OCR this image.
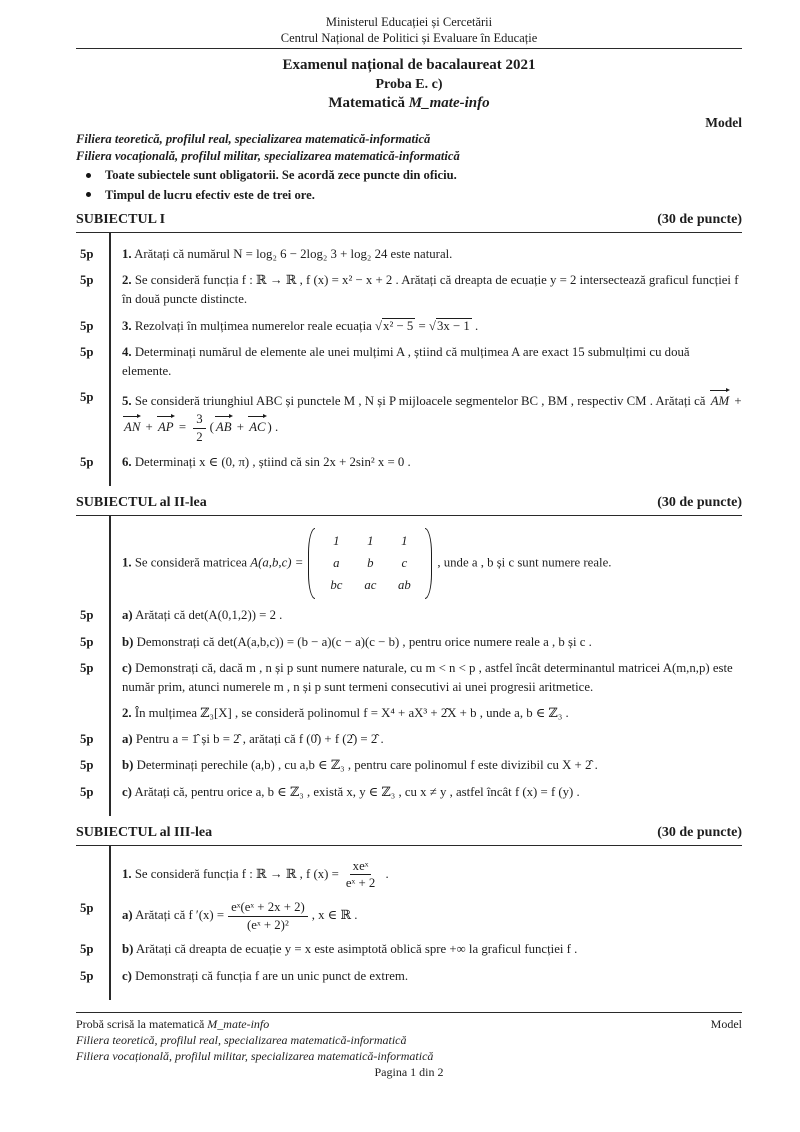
Ministerul Educației și Cercetării
Centrul Național de Politici și Evaluare în Educație
Examenul național de bacalaureat 2021
Proba E. c)
Matematică M_mate-info
Model
Filiera teoretică, profilul real, specializarea matematică-informatică
Filiera vocațională, profilul militar, specializarea matematică-informatică
Toate subiectele sunt obligatorii. Se acordă zece puncte din oficiu.
Timpul de lucru efectiv este de trei ore.
SUBIECTUL I	(30 de puncte)
5p 1. Arătați că numărul N = log₂ 6 − 2log₂ 3 + log₂ 24 este natural.
5p 2. Se consideră funcția f : ℝ → ℝ , f (x) = x² − x + 2 . Arătați că dreapta de ecuație y = 2 intersectează graficul funcției f în două puncte distincte.
5p 3. Rezolvați în mulțimea numerelor reale ecuația √x² − 5 = √3x − 1 .
5p 4. Determinați numărul de elemente ale unei mulțimi A , știind că mulțimea A are exact 15 submulțimi cu două elemente.
5p 5. Se consideră triunghiul ABC și punctele M , N și P mijloacele segmentelor BC , BM , respectiv CM . Arătați că AM + AN + AP = $\frac{3}{2}$ ( AB + AC ) .
5p 6. Determinați x ∈ (0, π) , știind că sin 2x + 2sin² x = 0 .
SUBIECTUL al II-lea	(30 de puncte)
1. Se consideră matricea A(a,b,c) =
1	1	1
a	b	c
bc	ac	ab
, unde a , b și c sunt numere reale.
5p a) Arătați că det(A(0,1,2)) = 2 .
5p b) Demonstrați că det(A(a,b,c)) = (b − a)(c − a)(c − b) , pentru orice numere reale a , b și c .
5p c) Demonstrați că, dacă m , n și p sunt numere naturale, cu m < n < p , astfel încât determinantul matricei A(m,n,p) este număr prim, atunci numerele m , n și p sunt termeni consecutivi ai unei progresii aritmetice.
2. În mulțimea ℤ₃[X] , se consideră polinomul f = X⁴ + aX³ + 2̂X + b , unde a, b ∈ ℤ₃ .
5p a) Pentru a = 1̂ și b = 2̂ , arătați că f (0̂) + f (2̂) = 2̂ .
5p b) Determinați perechile (a,b) , cu a,b ∈ ℤ₃ , pentru care polinomul f este divizibil cu X + 2̂ .
5p c) Arătați că, pentru orice a, b ∈ ℤ₃ , există x, y ∈ ℤ₃ , cu x ≠ y , astfel încât f (x) = f (y) .
SUBIECTUL al III-lea	(30 de puncte)
1. Se consideră funcția f : ℝ → ℝ , f $(x) = \frac{\text{xeˣ}}{\text{eˣ + 2}}$ .
5p
a) Arătați că f $'(x) = \frac{\text{eˣ(eˣ + 2x + 2)}}{\text{(eˣ + 2)²}}$ , x ∈ ℝ .
5p b) Arătați că dreapta de ecuație y = x este asimptotă oblică spre +∞ la graficul funcției f .
5p c) Demonstrați că funcția f are un unic punct de extrem.
Probă scrisă la matematică M_mate-info	Model
Filiera teoretică, profilul real, specializarea matematică-informatică
Filiera vocațională, profilul militar, specializarea matematică-informatică
Pagina 1 din 2
